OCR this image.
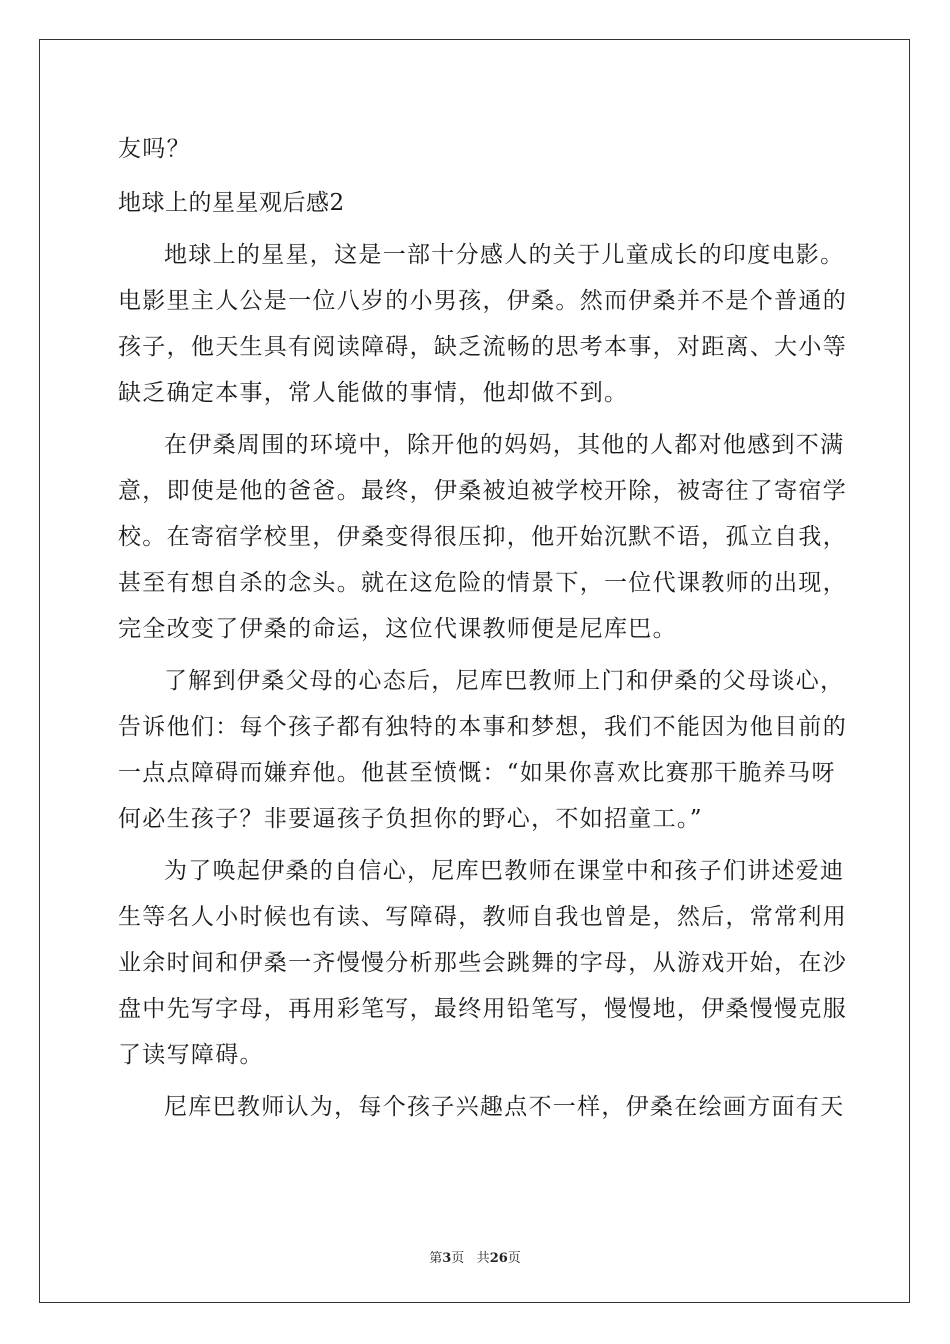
友吗？

地球上的星星观后感2

地球上的星星，这是一部十分感人的关于儿童成长的印度电影。

电影里主人公是一位八岁的小男孩，伊桑。然而伊桑并不是个普通的

孩子，他天生具有阅读障碍，缺乏流畅的思考本事，对距离、大小等

缺乏确定本事，常人能做的事情，他却做不到。

在伊桑周围的环境中，除开他的妈妈，其他的人都对他感到不满

意，即使是他的爸爸。最终，伊桑被迫被学校开除，被寄往了寄宿学

校。在寄宿学校里，伊桑变得很压抑，他开始沉默不语，孤立自我，

甚至有想自杀的念头。就在这危险的情景下，一位代课教师的出现，

完全改变了伊桑的命运，这位代课教师便是尼库巴。

了解到伊桑父母的心态后，尼库巴教师上门和伊桑的父母谈心，

告诉他们：每个孩子都有独特的本事和梦想，我们不能因为他目前的

一点点障碍而嫌弃他。他甚至愤慨：“如果你喜欢比赛那干脆养马呀

何必生孩子？非要逼孩子负担你的野心，不如招童工。”

为了唤起伊桑的自信心，尼库巴教师在课堂中和孩子们讲述爱迪

生等名人小时候也有读、写障碍，教师自我也曾是，然后，常常利用

业余时间和伊桑一齐慢慢分析那些会跳舞的字母，从游戏开始，在沙

盘中先写字母，再用彩笔写，最终用铅笔写，慢慢地，伊桑慢慢克服

了读写障碍。

尼库巴教师认为，每个孩子兴趣点不一样，伊桑在绘画方面有天

第3页 共26页
